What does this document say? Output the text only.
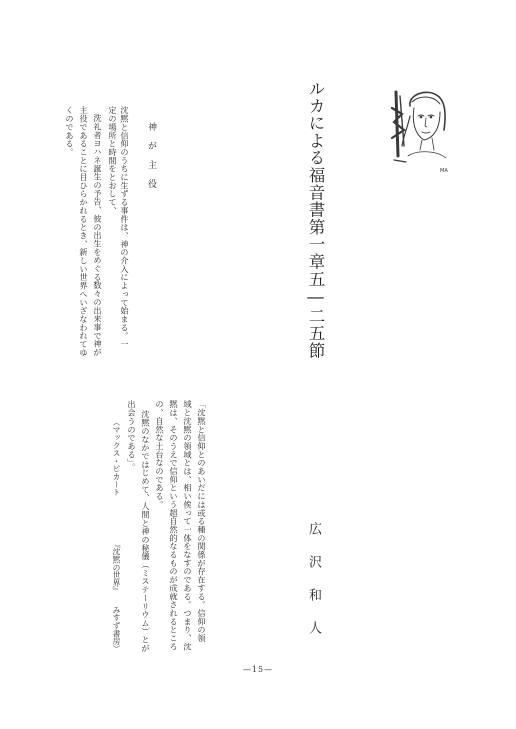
MA
ルカによる福音書第一章五―二五節
広沢和人
神が主役
沈黙と信仰のうちに生ずる事件は、神の介入によって始まる。一
定の場所と時間をとおして、
洗礼者ヨハネ誕生の予告、彼の出生をめぐる数々の出来事で神が
主役であることに目ひらかれるとき、新しい世界へいざなわれてゆ
くのである。
「沈黙と信仰とのあいだには或る種の関係が存在する。信仰の領
域と沈黙の領域とは、相い俟って一体をなすのである。つまり、沈
黙は、そのうえで信仰という超自然的なるものが成就されるところ
の、自然な土台なのである。
沈黙のなかではじめて、人間と神の秘儀（ミステーリウム）とが
出会うのである」。
（マックス・ピカート
『沈黙の世界』
みすず書房）
—15—
